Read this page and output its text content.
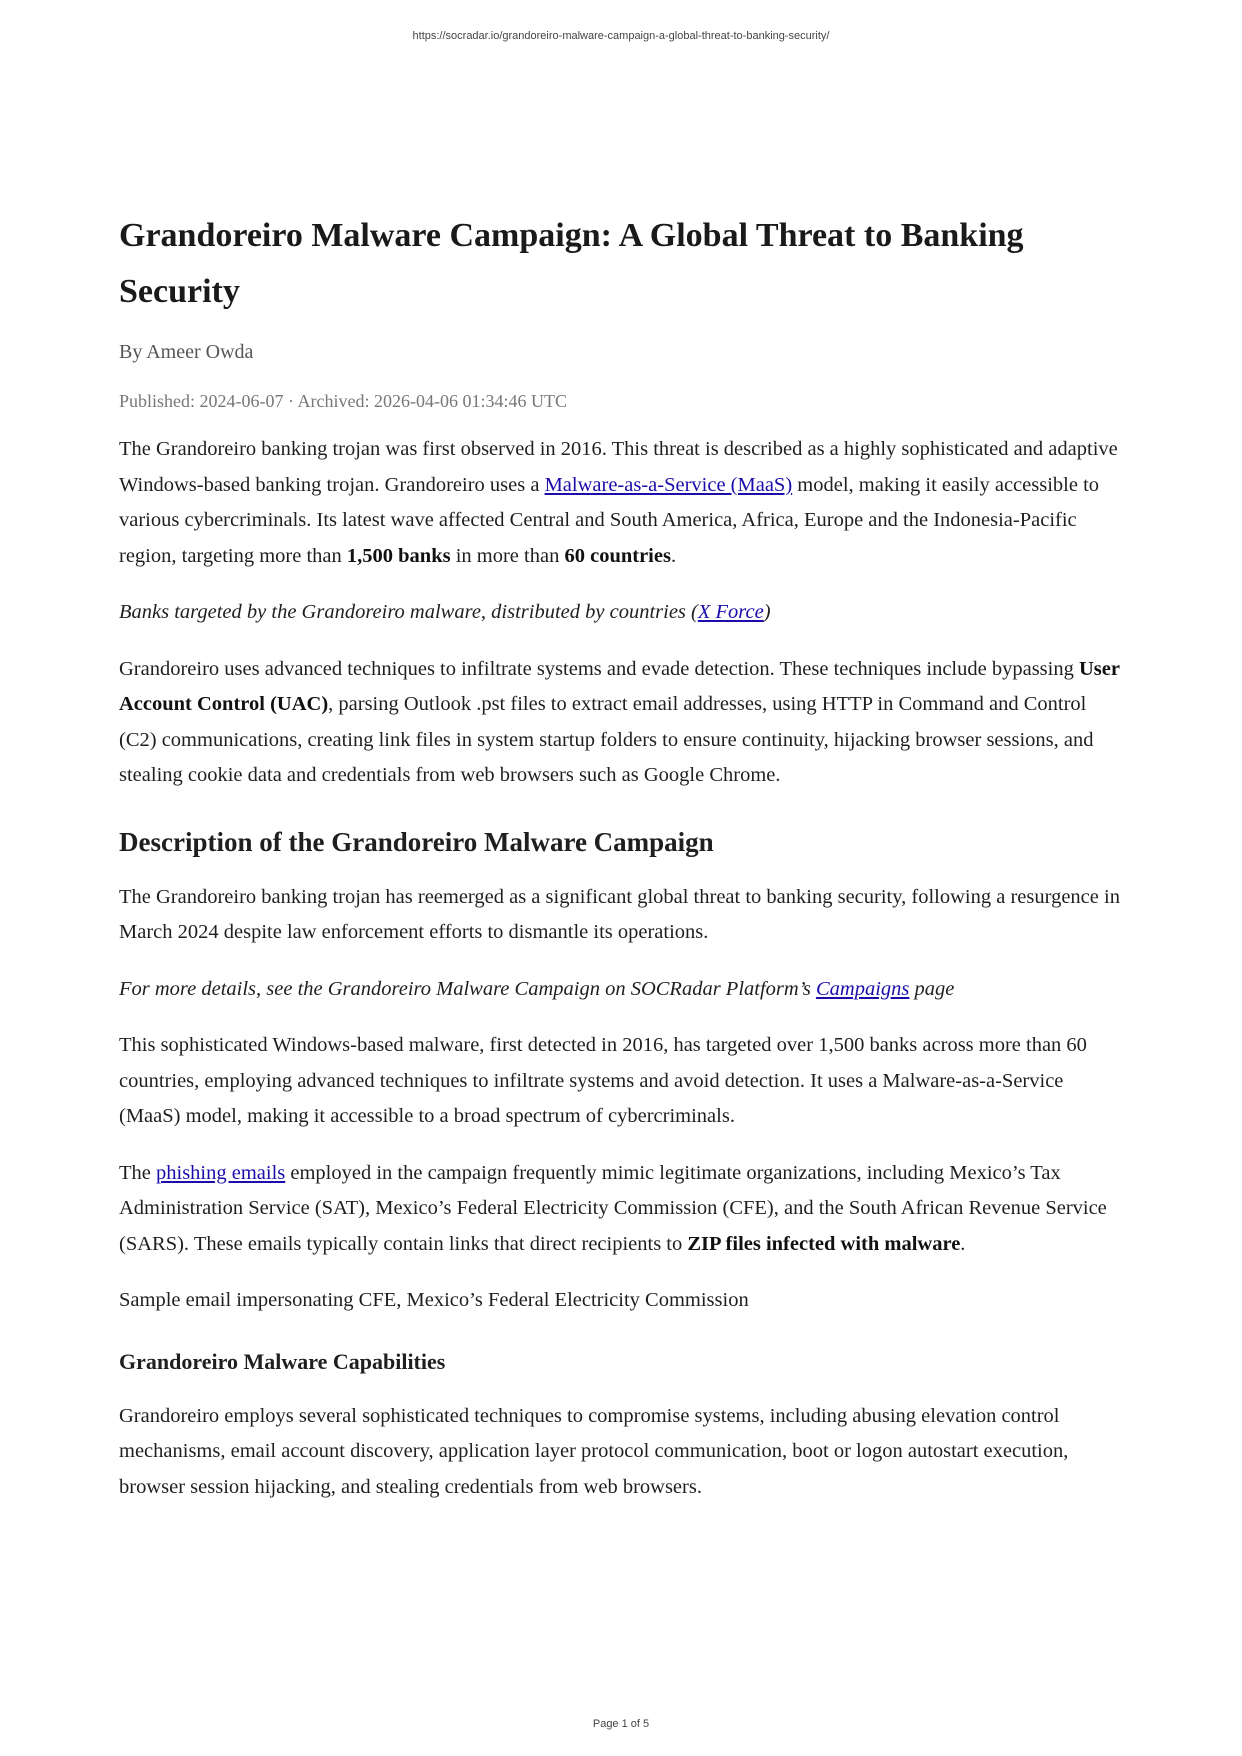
https://socradar.io/grandoreiro-malware-campaign-a-global-threat-to-banking-security/
Grandoreiro Malware Campaign: A Global Threat to Banking Security
By Ameer Owda
Published: 2024-06-07 · Archived: 2026-04-06 01:34:46 UTC

The Grandoreiro banking trojan was first observed in 2016. This threat is described as a highly sophisticated and adaptive Windows-based banking trojan. Grandoreiro uses a Malware-as-a-Service (MaaS) model, making it easily accessible to various cybercriminals. Its latest wave affected Central and South America, Africa, Europe and the Indonesia-Pacific region, targeting more than 1,500 banks in more than 60 countries.

Banks targeted by the Grandoreiro malware, distributed by countries (X Force)

Grandoreiro uses advanced techniques to infiltrate systems and evade detection. These techniques include bypassing User Account Control (UAC), parsing Outlook .pst files to extract email addresses, using HTTP in Command and Control (C2) communications, creating link files in system startup folders to ensure continuity, hijacking browser sessions, and stealing cookie data and credentials from web browsers such as Google Chrome.

Description of the Grandoreiro Malware Campaign

The Grandoreiro banking trojan has reemerged as a significant global threat to banking security, following a resurgence in March 2024 despite law enforcement efforts to dismantle its operations.

For more details, see the Grandoreiro Malware Campaign on SOCRadar Platform’s Campaigns page

This sophisticated Windows-based malware, first detected in 2016, has targeted over 1,500 banks across more than 60 countries, employing advanced techniques to infiltrate systems and avoid detection. It uses a Malware-as-a-Service (MaaS) model, making it accessible to a broad spectrum of cybercriminals.

The phishing emails employed in the campaign frequently mimic legitimate organizations, including Mexico’s Tax Administration Service (SAT), Mexico’s Federal Electricity Commission (CFE), and the South African Revenue Service (SARS). These emails typically contain links that direct recipients to ZIP files infected with malware.

Sample email impersonating CFE, Mexico’s Federal Electricity Commission

Grandoreiro Malware Capabilities

Grandoreiro employs several sophisticated techniques to compromise systems, including abusing elevation control mechanisms, email account discovery, application layer protocol communication, boot or logon autostart execution, browser session hijacking, and stealing credentials from web browsers.

Page 1 of 5
